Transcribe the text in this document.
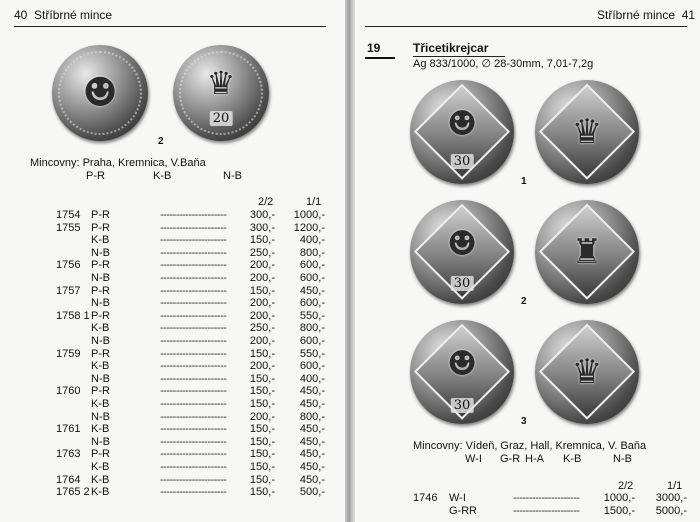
40 Stříbrné mince
☻	♛
20
2
Mincovny: Praha, Kremnica, V.Baňa
P-R	K-B	N-B
2/2	1/1
1754 P-R	--------------------- 300,- 1000,-
1755 P-R	--------------------- 300,- 1200,-
K-B	--------------------- 150,- 400,-
N-B	--------------------- 250,- 800,-
1756 P-R	--------------------- 200,- 600,-
N-B	--------------------- 200,- 600,-
1757 P-R	--------------------- 150,- 450,-
N-B	--------------------- 200,- 600,-
1758 1 P-R	--------------------- 200,- 550,-
K-B	--------------------- 250,- 800,-
N-B	--------------------- 200,- 600,-
1759 P-R	--------------------- 150,- 550,-
K-B	--------------------- 200,- 600,-
N-B	--------------------- 150,- 400,-
1760 P-R	--------------------- 150,- 450,-
K-B	--------------------- 150,- 450,-
N-B	--------------------- 200,- 800,-
1761 K-B	--------------------- 150,- 450,-
N-B	--------------------- 150,- 450,-
1763 P-R	--------------------- 150,- 450,-
K-B	--------------------- 150,- 450,-
1764 K-B	--------------------- 150,- 450,-
1765 2 K-B	--------------------- 150,- 500,-
Stříbrné mince 41
19	Třicetikrejcar
Ag 833/1000, ∅ 28-30mm, 7,01-7,2g
☻
30
♛
1
☻
30
♜
2
☻
30
♛
3
Mincovny: Vídeň, Graz, Hall, Kremnica, V. Baňa
W-I G-R H-A K-B	N-B
2/2	1/1
1746 W-I	--------------------- 1000,- 3000,-
G-R R	--------------------- 1500,- 5000,-
